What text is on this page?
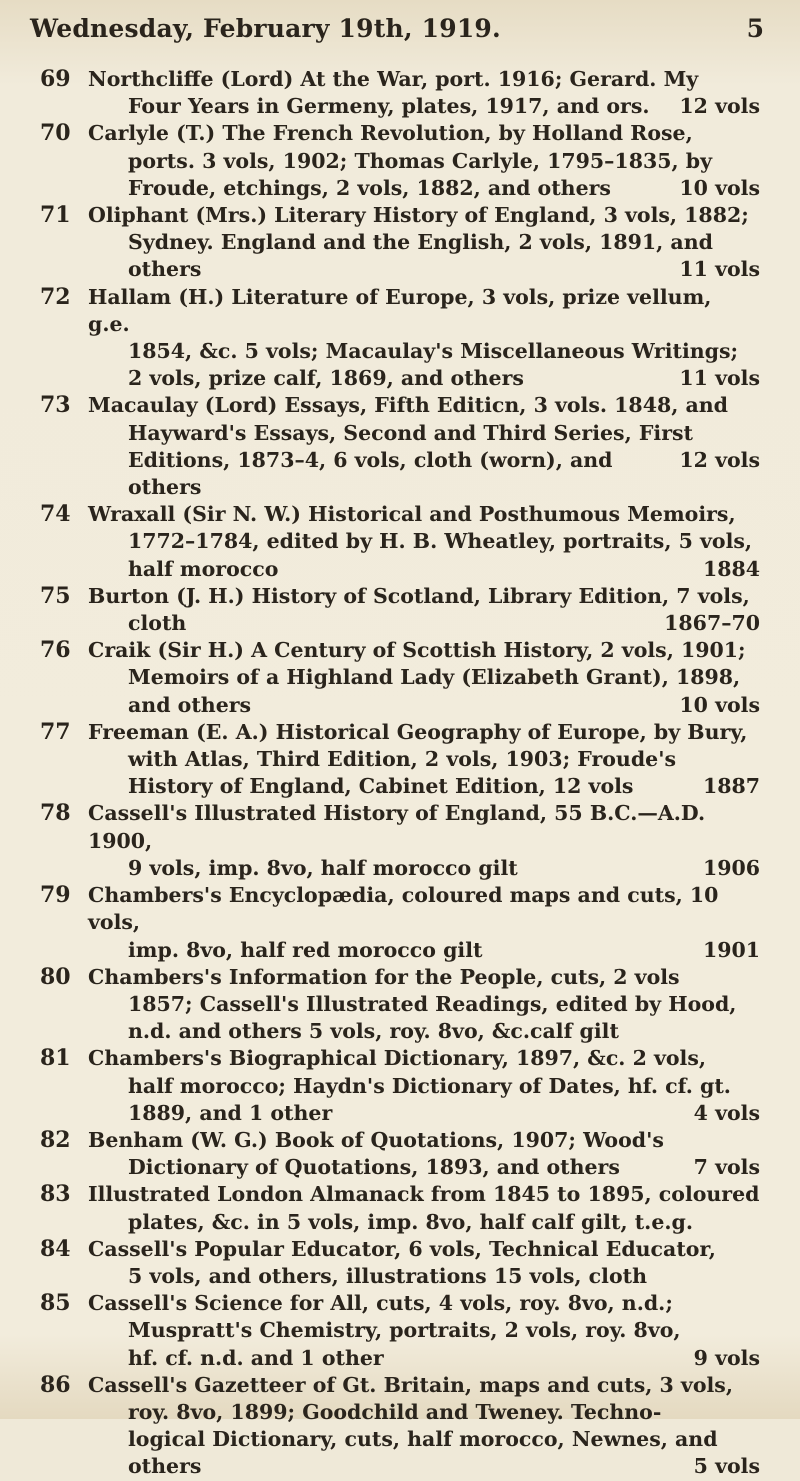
Wednesday, February 19th, 1919.	5
69 Northcliffe (Lord) At the War, port. 1916; Gerard. My
12 vols
Four Years in Germeny, plates, 1917, and ors.
70 Carlyle (T.) The French Revolution, by Holland Rose,
ports. 3 vols, 1902; Thomas Carlyle, 1795–1835, by
10 vols
Froude, etchings, 2 vols, 1882, and others
71 Oliphant (Mrs.) Literary History of England, 3 vols, 1882;
Sydney. England and the English, 2 vols, 1891, and
11 vols
others
72 Hallam (H.) Literature of Europe, 3 vols, prize vellum, g.e.
1854, &c. 5 vols; Macaulay's Miscellaneous Writings;
11 vols
2 vols, prize calf, 1869, and others
73 Macaulay (Lord) Essays, Fifth Editicn, 3 vols. 1848, and
Hayward's Essays, Second and Third Series, First
12 vols
Editions, 1873–4, 6 vols, cloth (worn), and others
74 Wraxall (Sir N. W.) Historical and Posthumous Memoirs,
1772–1784, edited by H. B. Wheatley, portraits, 5 vols,
1884
half morocco
75 Burton (J. H.) History of Scotland, Library Edition, 7 vols,
1867–70
cloth
76 Craik (Sir H.) A Century of Scottish History, 2 vols, 1901;
Memoirs of a Highland Lady (Elizabeth Grant), 1898,
10 vols
and others
77 Freeman (E. A.) Historical Geography of Europe, by Bury,
with Atlas, Third Edition, 2 vols, 1903; Froude's
1887
History of England, Cabinet Edition, 12 vols
78 Cassell's Illustrated History of England, 55 B.C.—A.D. 1900,
1906
9 vols, imp. 8vo, half morocco gilt
79 Chambers's Encyclopædia, coloured maps and cuts, 10 vols,
1901
imp. 8vo, half red morocco gilt
80 Chambers's Information for the People, cuts, 2 vols
1857; Cassell's Illustrated Readings, edited by Hood,
n.d. and others 5 vols, roy. 8vo, &c.calf gilt
81 Chambers's Biographical Dictionary, 1897, &c. 2 vols,
half morocco; Haydn's Dictionary of Dates, hf. cf. gt.
4 vols
1889, and 1 other
82 Benham (W. G.) Book of Quotations, 1907; Wood's
7 vols
Dictionary of Quotations, 1893, and others
83 Illustrated London Almanack from 1845 to 1895, coloured
plates, &c. in 5 vols, imp. 8vo, half calf gilt, t.e.g.
84 Cassell's Popular Educator, 6 vols, Technical Educator,
5 vols, and others, illustrations 15 vols, cloth
85 Cassell's Science for All, cuts, 4 vols, roy. 8vo, n.d.;
Muspratt's Chemistry, portraits, 2 vols, roy. 8vo,
9 vols
hf. cf. n.d. and 1 other
86 Cassell's Gazetteer of Gt. Britain, maps and cuts, 3 vols,
roy. 8vo, 1899; Goodchild and Tweney. Techno-
logical Dictionary, cuts, half morocco, Newnes, and
5 vols
others
